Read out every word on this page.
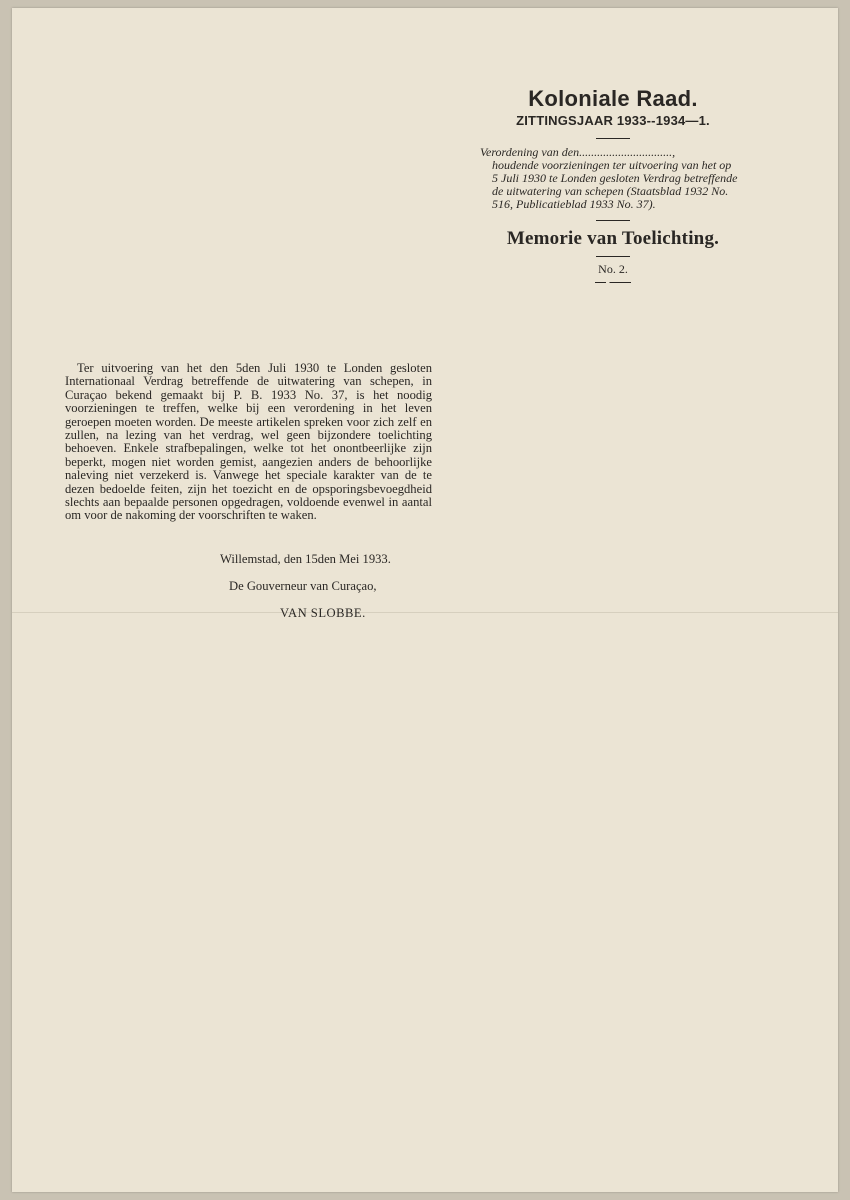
Koloniale Raad.

ZITTINGSJAAR 1933--1934—1.

Verordening van den...............................,
houdende voorzieningen ter uitvoering van het op 5 Juli 1930 te Londen gesloten Verdrag betreffende de uitwatering van schepen (Staatsblad 1932 No. 516, Publicatieblad 1933 No. 37).

Memorie van Toelichting.

No. 2.

Ter uitvoering van het den 5den Juli 1930 te Londen gesloten Internationaal Verdrag betreffende de uitwatering van schepen, in Curaçao bekend gemaakt bij P. B. 1933 No. 37, is het noodig voorzieningen te treffen, welke bij een verordening in het leven geroepen moeten worden. De meeste artikelen spreken voor zich zelf en zullen, na lezing van het verdrag, wel geen bijzondere toelichting behoeven. Enkele strafbepalingen, welke tot het onontbeerlijke zijn beperkt, mogen niet worden gemist, aangezien anders de behoorlijke naleving niet verzekerd is. Vanwege het speciale karakter van de te dezen bedoelde feiten, zijn het toezicht en de opsporingsbevoegdheid slechts aan bepaalde personen opgedragen, voldoende evenwel in aantal om voor de nakoming der voorschriften te waken.

Willemstad, den 15den Mei 1933.

De Gouverneur van Curaçao,

VAN SLOBBE.
